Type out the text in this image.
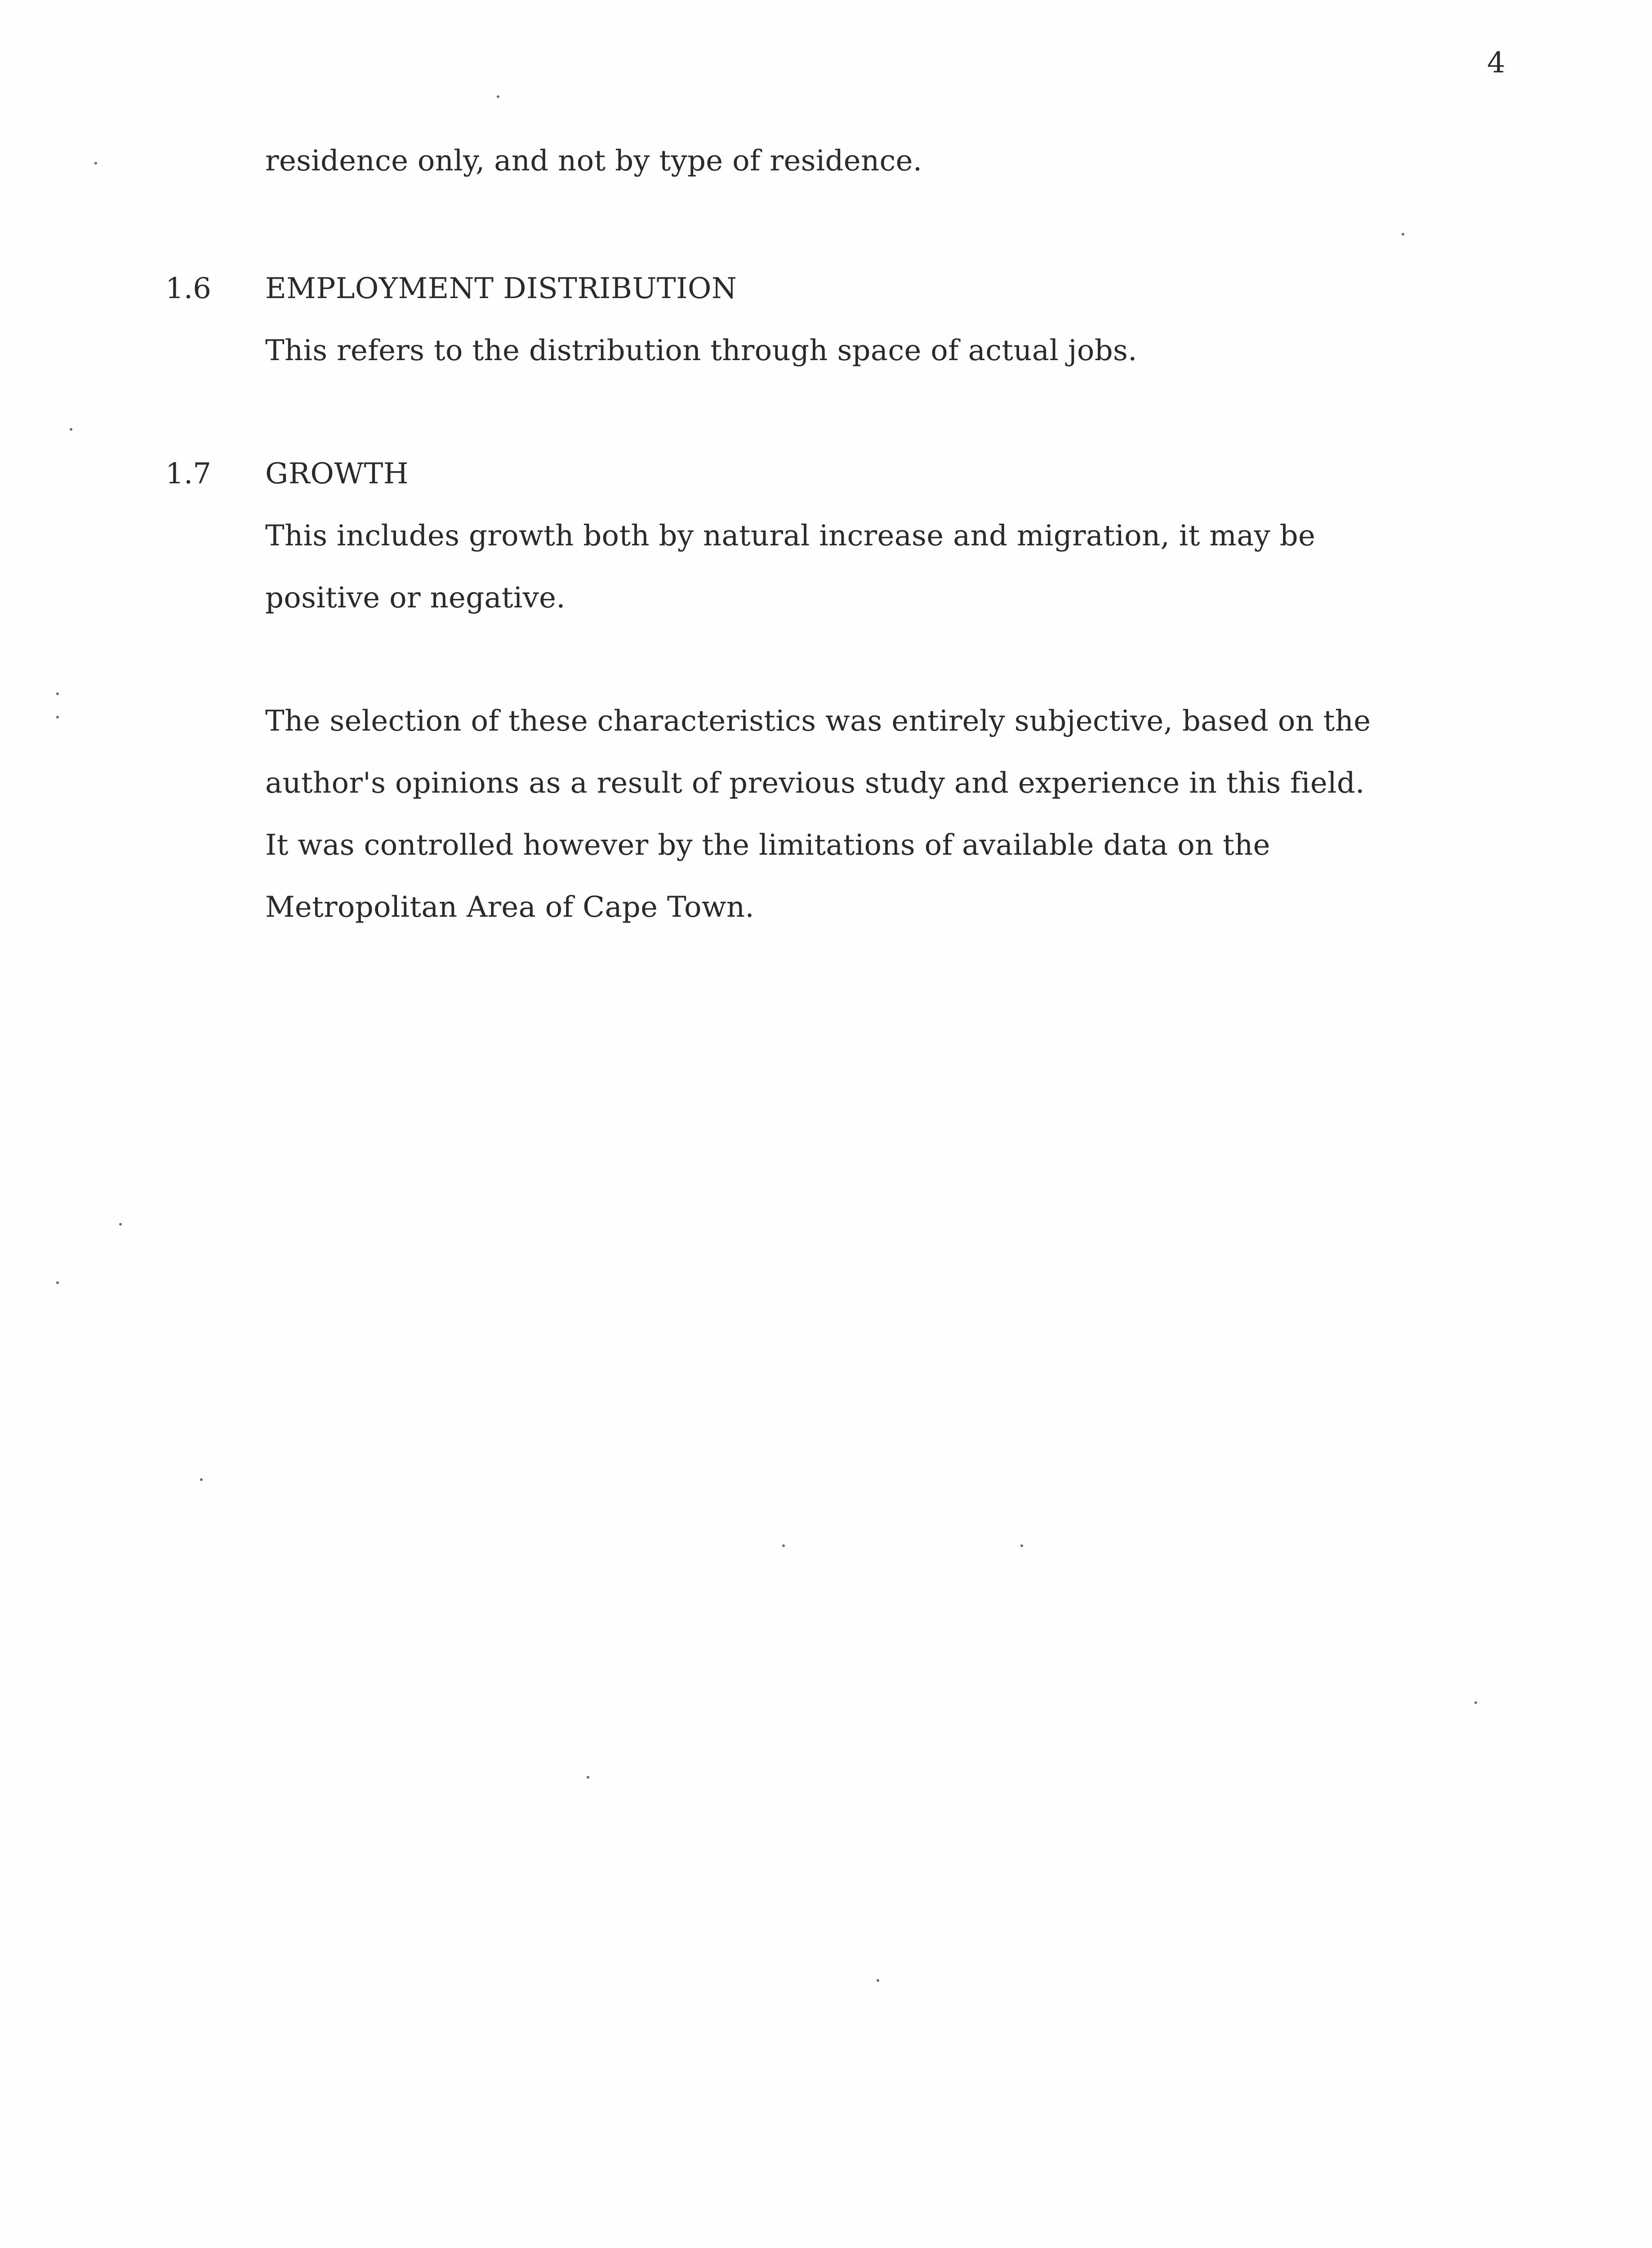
4
residence only, and not by type of residence.
1.6 EMPLOYMENT DISTRIBUTION
This refers to the distribution through space of actual jobs.
1.7 GROWTH
This includes growth both by natural increase and migration, it may be
positive or negative.
The selection of these characteristics was entirely subjective, based on the
author's opinions as a result of previous study and experience in this field.
It was controlled however by the limitations of available data on the
Metropolitan Area of Cape Town.
